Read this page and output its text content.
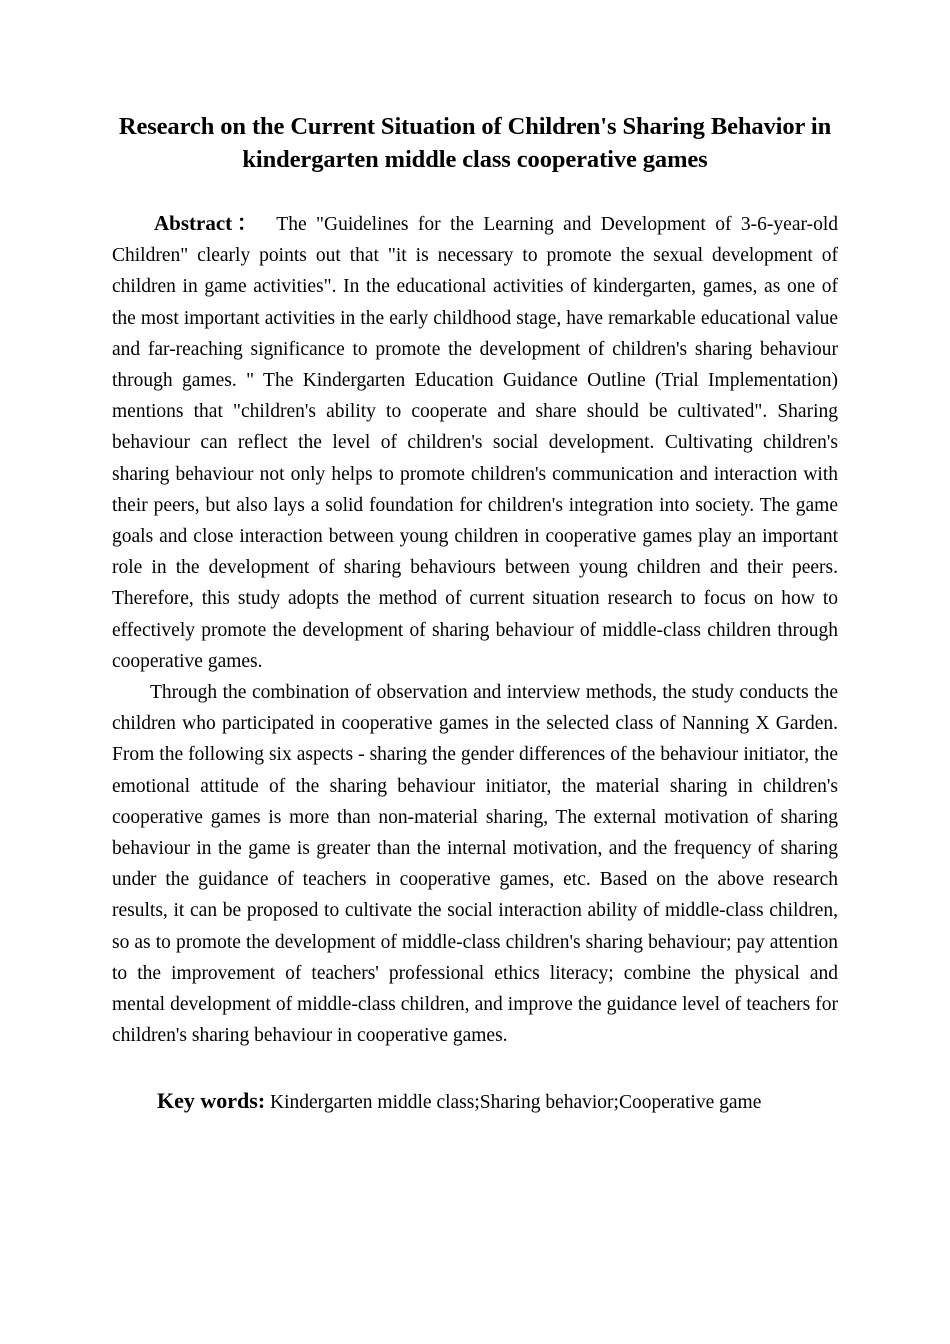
Research on the Current Situation of Children's Sharing Behavior in kindergarten middle class cooperative games

Abstract： The "Guidelines for the Learning and Development of 3-6-year-old Children" clearly points out that "it is necessary to promote the sexual development of children in game activities". In the educational activities of kindergarten, games, as one of the most important activities in the early childhood stage, have remarkable educational value and far-reaching significance to promote the development of children's sharing behaviour through games. " The Kindergarten Education Guidance Outline (Trial Implementation) mentions that "children's ability to cooperate and share should be cultivated". Sharing behaviour can reflect the level of children's social development. Cultivating children's sharing behaviour not only helps to promote children's communication and interaction with their peers, but also lays a solid foundation for children's integration into society. The game goals and close interaction between young children in cooperative games play an important role in the development of sharing behaviours between young children and their peers. Therefore, this study adopts the method of current situation research to focus on how to effectively promote the development of sharing behaviour of middle-class children through cooperative games.

Through the combination of observation and interview methods, the study conducts the children who participated in cooperative games in the selected class of Nanning X Garden. From the following six aspects - sharing the gender differences of the behaviour initiator, the emotional attitude of the sharing behaviour initiator, the material sharing in children's cooperative games is more than non-material sharing, The external motivation of sharing behaviour in the game is greater than the internal motivation, and the frequency of sharing under the guidance of teachers in cooperative games, etc. Based on the above research results, it can be proposed to cultivate the social interaction ability of middle-class children, so as to promote the development of middle-class children's sharing behaviour; pay attention to the improvement of teachers' professional ethics literacy; combine the physical and mental development of middle-class children, and improve the guidance level of teachers for children's sharing behaviour in cooperative games.

Key words: Kindergarten middle class;Sharing behavior;Cooperative game
